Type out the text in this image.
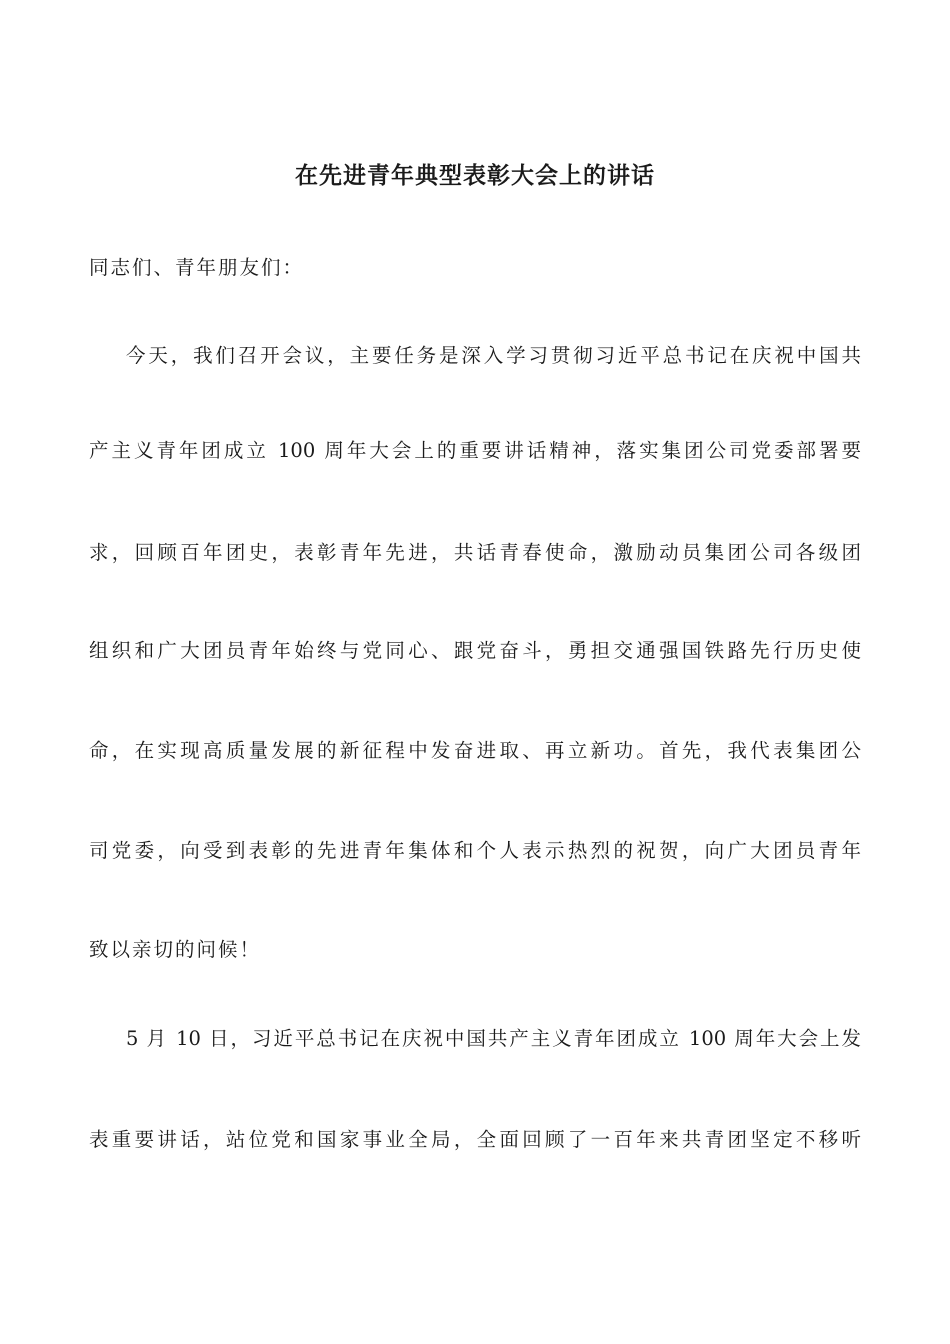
在先进青年典型表彰大会上的讲话
同志们、青年朋友们：
今天，我们召开会议，主要任务是深入学习贯彻习近平总书记在庆祝中国共
产主义青年团成立 100 周年大会上的重要讲话精神，落实集团公司党委部署要
求，回顾百年团史，表彰青年先进，共话青春使命，激励动员集团公司各级团
组织和广大团员青年始终与党同心、跟党奋斗，勇担交通强国铁路先行历史使
命，在实现高质量发展的新征程中发奋进取、再立新功。首先，我代表集团公
司党委，向受到表彰的先进青年集体和个人表示热烈的祝贺，向广大团员青年
致以亲切的问候！
5 月 10 日，习近平总书记在庆祝中国共产主义青年团成立 100 周年大会上发
表重要讲话，站位党和国家事业全局，全面回顾了一百年来共青团坚定不移听
